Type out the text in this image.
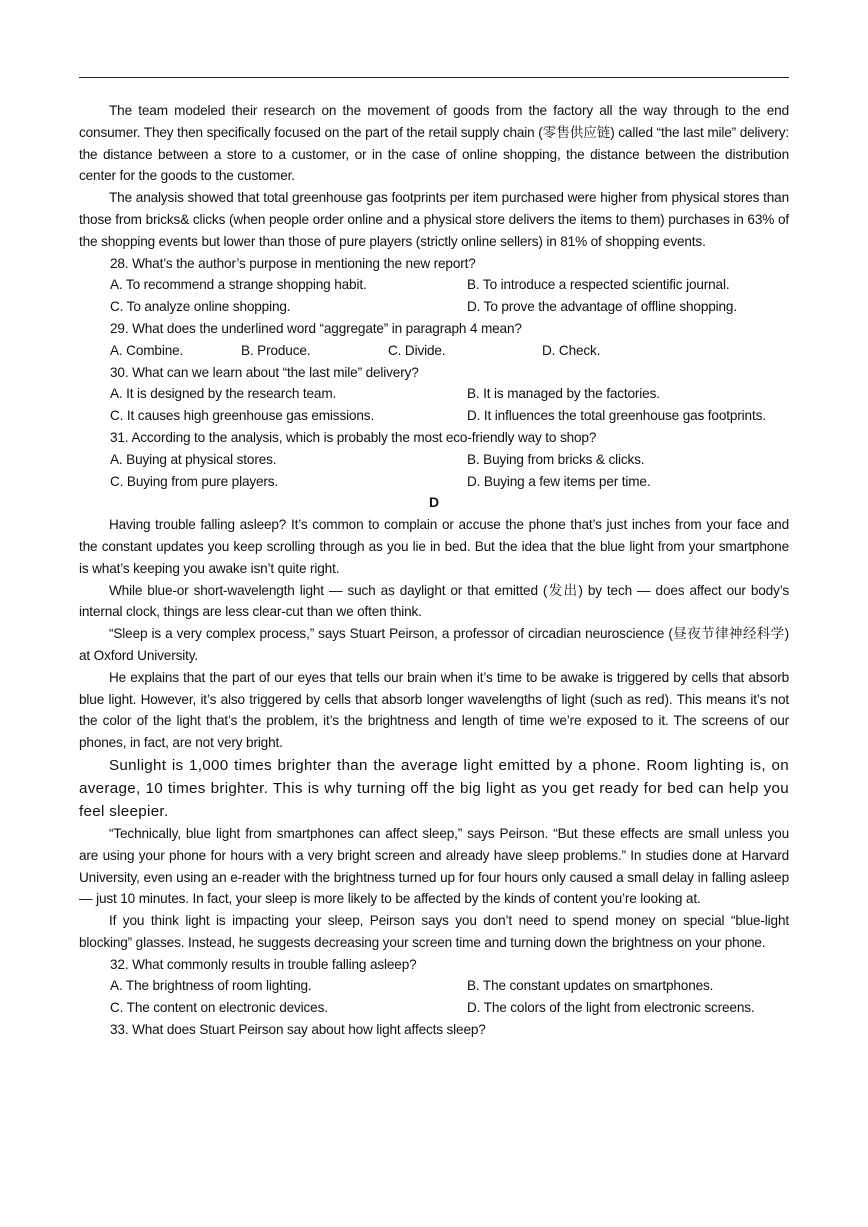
The team modeled their research on the movement of goods from the factory all the way through to the end consumer. They then specifically focused on the part of the retail supply chain (零售供应链) called “the last mile” delivery: the distance between a store to a customer, or in the case of online shopping, the distance between the distribution center for the goods to the customer.

The analysis showed that total greenhouse gas footprints per item purchased were higher from physical stores than those from bricks& clicks (when people order online and a physical store delivers the items to them) purchases in 63% of the shopping events but lower than those of pure players (strictly online sellers) in 81% of shopping events.

28. What’s the author’s purpose in mentioning the new report?

A. To recommend a strange shopping habit.	B. To introduce a respected scientific journal.
C. To analyze online shopping.	D. To prove the advantage of offline shopping.

29. What does the underlined word “aggregate” in paragraph 4 mean?

A. Combine.	B. Produce.	C. Divide.	D. Check.

30. What can we learn about “the last mile” delivery?

A. It is designed by the research team.	B. It is managed by the factories.
C. It causes high greenhouse gas emissions.	D. It influences the total greenhouse gas footprints.

31. According to the analysis, which is probably the most eco-friendly way to shop?

A. Buying at physical stores.	B. Buying from bricks & clicks.
C. Buying from pure players.	D. Buying a few items per time.

D

Having trouble falling asleep? It’s common to complain or accuse the phone that’s just inches from your face and the constant updates you keep scrolling through as you lie in bed. But the idea that the blue light from your smartphone is what’s keeping you awake isn’t quite right.

While blue-or short-wavelength light — such as daylight or that emitted (发出) by tech — does affect our body’s internal clock, things are less clear-cut than we often think.

“Sleep is a very complex process,” says Stuart Peirson, a professor of circadian neuroscience (昼夜节律神经科学) at Oxford University.

He explains that the part of our eyes that tells our brain when it’s time to be awake is triggered by cells that absorb blue light. However, it’s also triggered by cells that absorb longer wavelengths of light (such as red). This means it’s not the color of the light that’s the problem, it’s the brightness and length of time we’re exposed to it. The screens of our phones, in fact, are not very bright.

Sunlight is 1,000 times brighter than the average light emitted by a phone. Room lighting is, on average, 10 times brighter. This is why turning off the big light as you get ready for bed can help you feel sleepier.

“Technically, blue light from smartphones can affect sleep,” says Peirson. “But these effects are small unless you are using your phone for hours with a very bright screen and already have sleep problems.” In studies done at Harvard University, even using an e-reader with the brightness turned up for four hours only caused a small delay in falling asleep — just 10 minutes. In fact, your sleep is more likely to be affected by the kinds of content you’re looking at.

If you think light is impacting your sleep, Peirson says you don’t need to spend money on special “blue-light blocking” glasses. Instead, he suggests decreasing your screen time and turning down the brightness on your phone.

32. What commonly results in trouble falling asleep?

A. The brightness of room lighting.	B. The constant updates on smartphones.
C. The content on electronic devices.	D. The colors of the light from electronic screens.

33. What does Stuart Peirson say about how light affects sleep?
